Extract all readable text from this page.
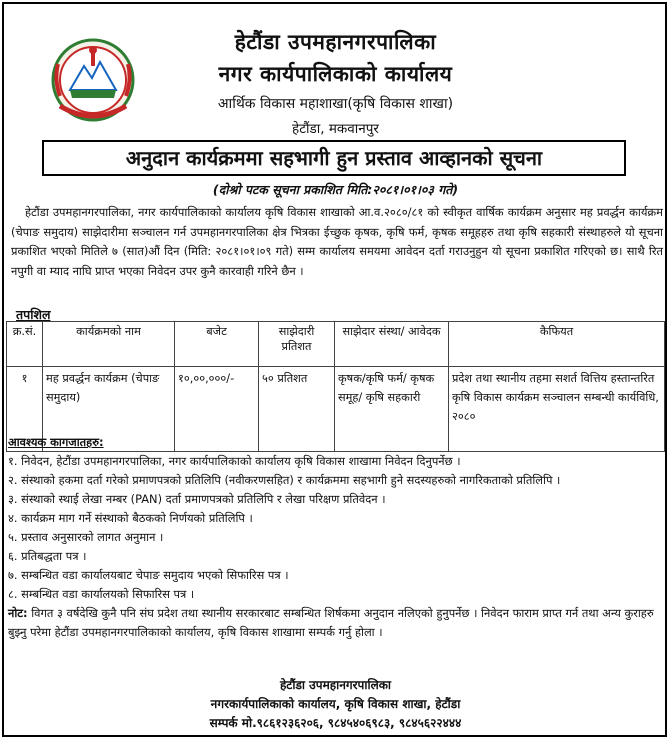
हेटौंडा उपमहानगरपालिका
नगर कार्यपालिकाको कार्यालय
आर्थिक विकास महाशाखा(कृषि विकास शाखा)
हेटौंडा, मकवानपुर
अनुदान कार्यक्रममा सहभागी हुन प्रस्ताव आव्हानको सूचना
(दोश्रो पटक सूचना प्रकाशित मिति:२०८१।०१।०३ गते)
हेटौंडा उपमहानगरपालिका, नगर कार्यपालिकाको कार्यालय कृषि विकास शाखाको आ.व.२०८०/८१ को स्वीकृत वार्षिक कार्यक्रम अनुसार मह प्रवर्द्धन कार्यक्रम (चेपाङ समुदाय) साझेदारीमा सञ्चालन गर्न उपमहानगरपालिका क्षेत्र भित्रका ईच्छुक कृषक, कृषि फर्म, कृषक समूहहरु तथा कृषि सहकारी संस्थाहरुले यो सूचना प्रकाशित भएको मितिले ७ (सात)औं दिन (मिति: २०८१।०१।०९ गते) सम्म कार्यालय समयमा आवेदन दर्ता गराउनुहुन यो सूचना प्रकाशित गरिएको छ। साथै रित नपुगी वा म्याद नाघि प्राप्त भएका निवेदन उपर कुनै कारवाही गरिने छैन ।
तपशिल
क्र.सं.	कार्यक्रमको नाम	बजेट	साझेदारी प्रतिशत	साझेदार संस्था/ आवेदक	कैफियत
१	मह प्रवर्द्धन कार्यक्रम (चेपाङ समुदाय)	१०,००,०००/-	५० प्रतिशत	कृषक/कृषि फर्म/ कृषक समूह/ कृषि सहकारी	प्रदेश तथा स्थानीय तहमा सशर्त वित्तिय हस्तान्तरित कृषि विकास कार्यक्रम सञ्चालन सम्बन्धी कार्यविधि, २०८०

आवश्यक कागजातहरु:

१. निवेदन, हेटौंडा उपमहानगरपालिका, नगर कार्यपालिकाको कार्यालय कृषि विकास शाखामा निवेदन दिनुपर्नेछ ।

२. संस्थाको हकमा दर्ता गरेको प्रमाणपत्रको प्रतिलिपि (नवीकरणसहित) र कार्यक्रममा सहभागी हुने सदस्यहरुको नागरिकताको प्रतिलिपि ।

३. संस्थाको स्थाई लेखा नम्बर (PAN) दर्ता प्रमाणपत्रको प्रतिलिपि र लेखा परिक्षण प्रतिवेदन ।

४. कार्यक्रम माग गर्ने संस्थाको बैठकको निर्णयको प्रतिलिपि ।

५. प्रस्ताव अनुसारको लागत अनुमान ।

६. प्रतिबद्धता पत्र ।

७. सम्बन्धित वडा कार्यालयबाट चेपाङ समुदाय भएको सिफारिस पत्र ।

८. सम्बन्धित वडा कार्यालयको सिफारिस पत्र ।

नोट: विगत ३ वर्षदेखि कुनै पनि संघ प्रदेश तथा स्थानीय सरकारबाट सम्बन्धित शिर्षकमा अनुदान नलिएको हुनुपर्नेछ । निवेदन फाराम प्राप्त गर्न तथा अन्य कुराहरु बुझ्नु परेमा हेटौंडा उपमहानगरपालिकाको कार्यालय, कृषि विकास शाखामा सम्पर्क गर्नु होला ।

हेटौंडा उपमहानगरपालिका
नगरकार्यपालिकाको कार्यालय, कृषि विकास शाखा, हेटौंडा
सम्पर्क मो.९८६१२३६२०६, ९८४५४०६९८३, ९८४५६२२४४४
